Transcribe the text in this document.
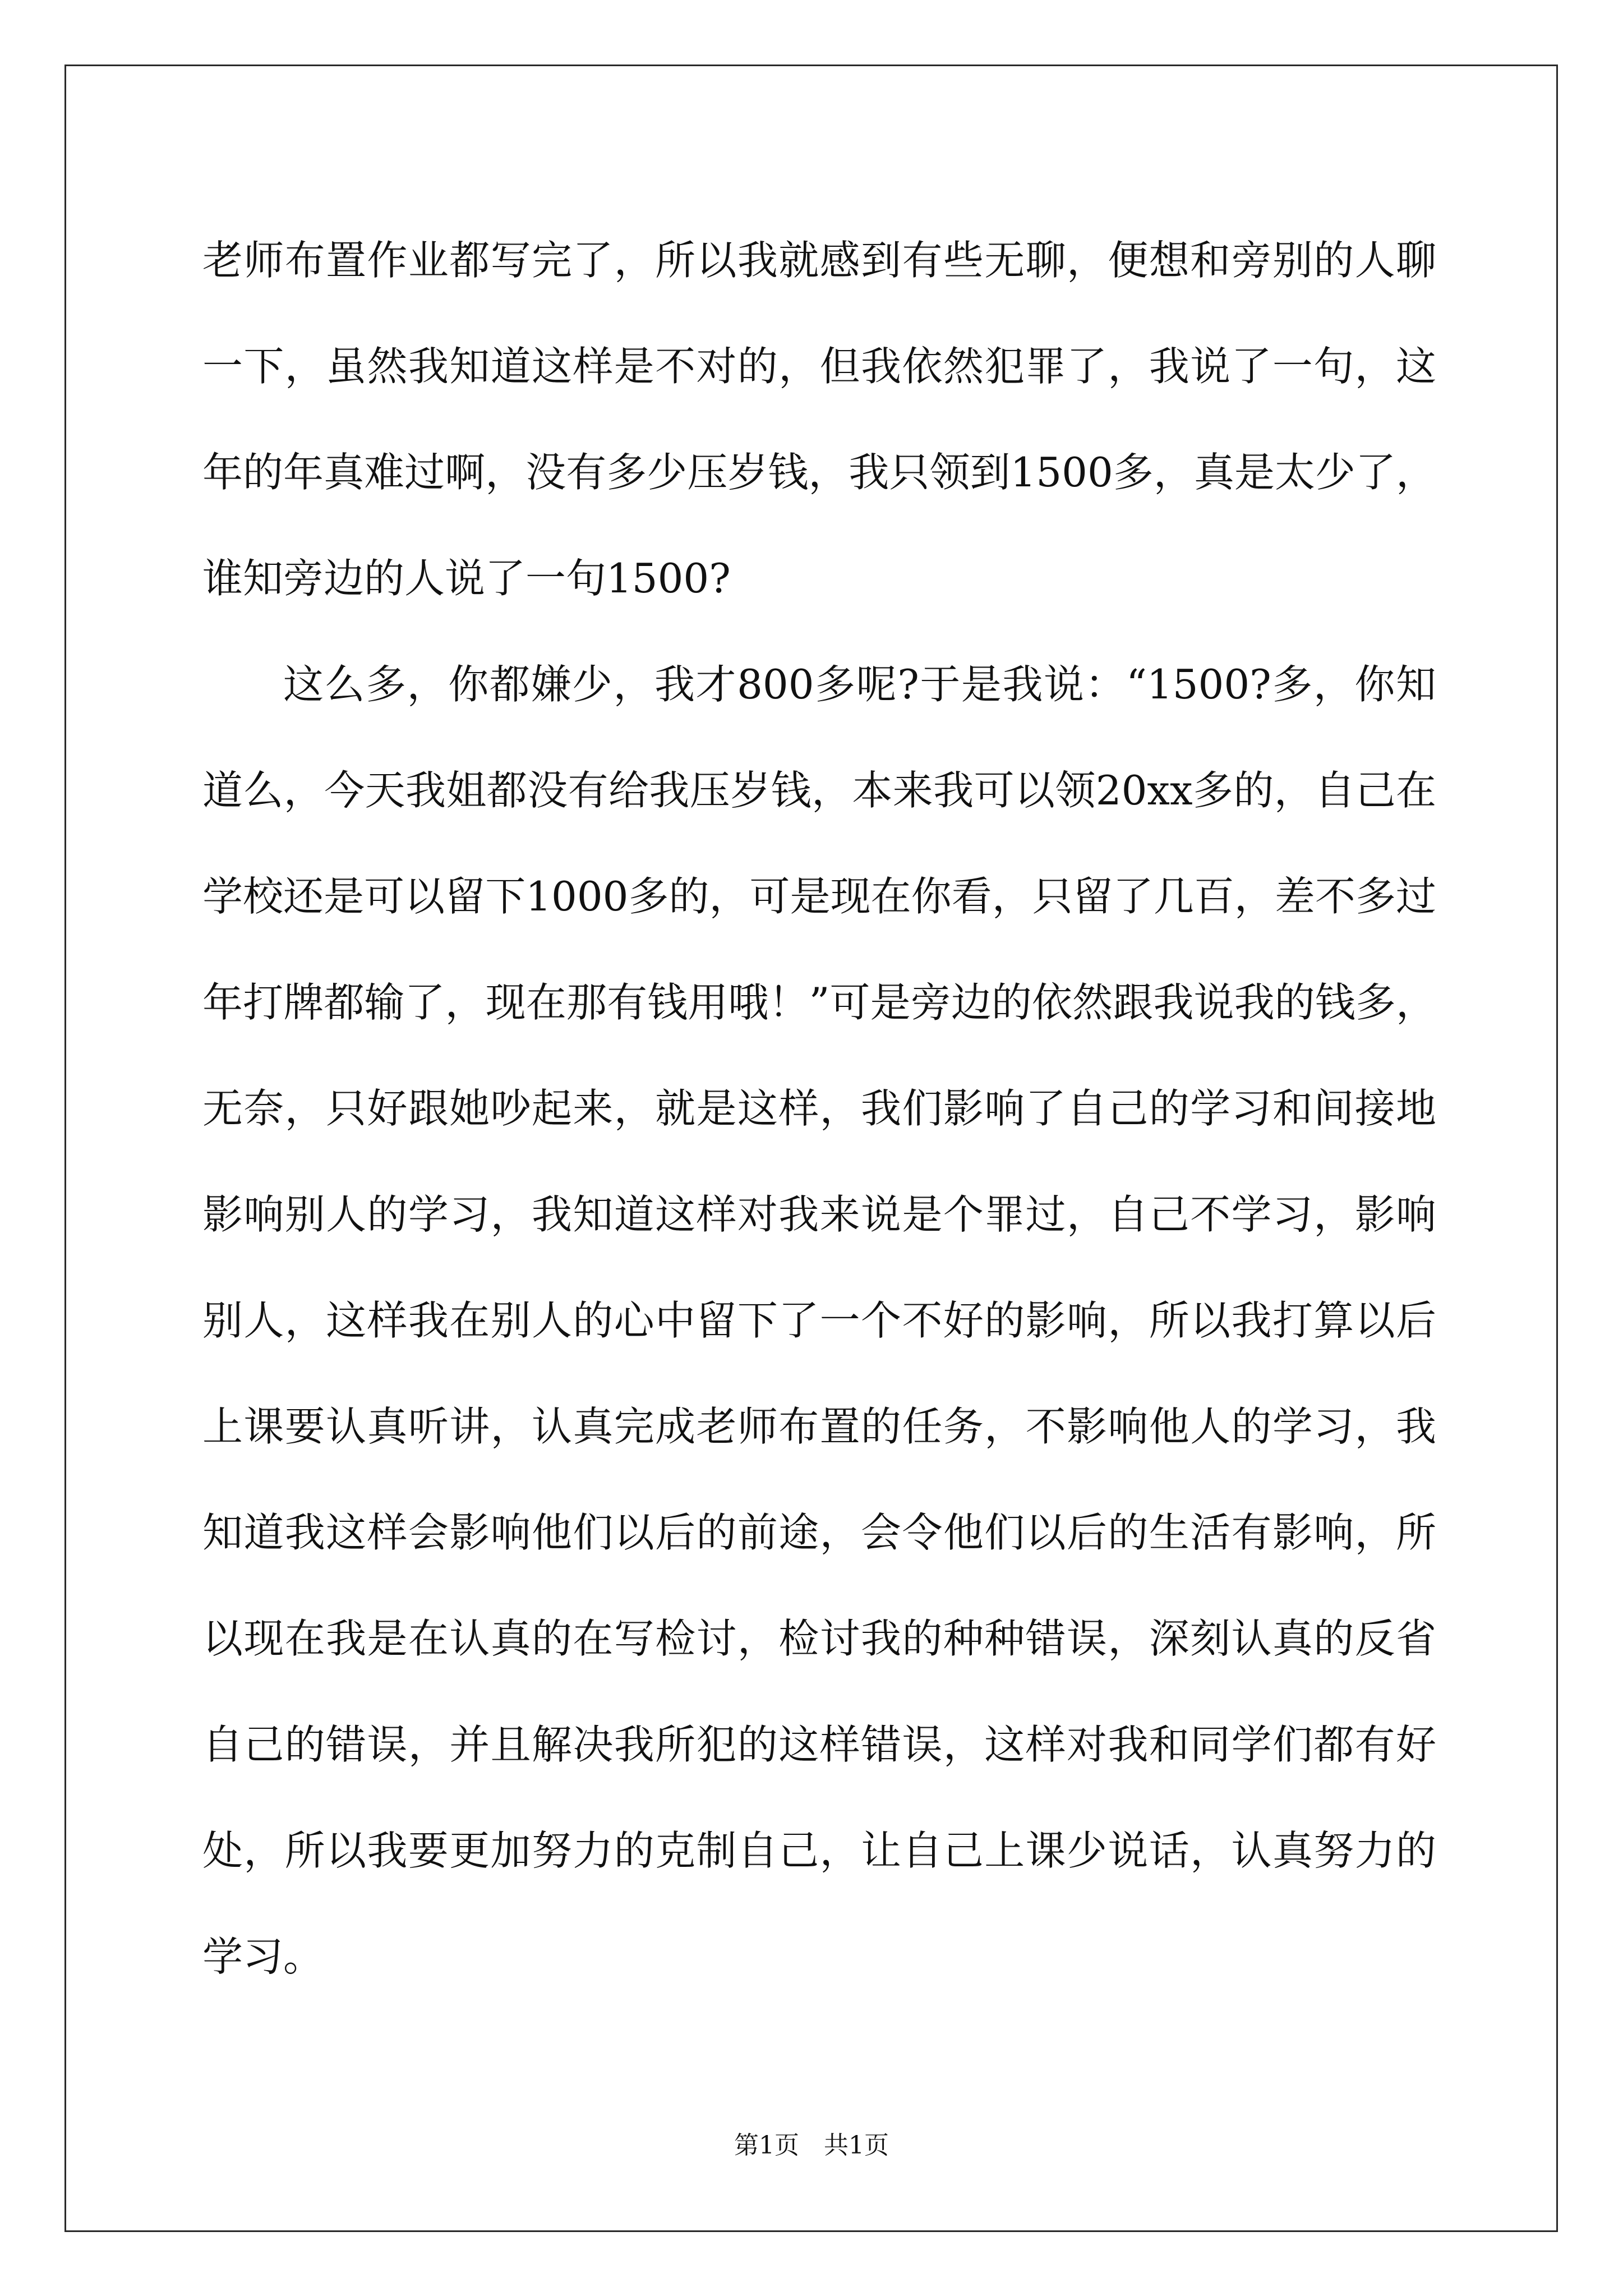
老师布置作业都写完了，所以我就感到有些无聊，便想和旁别的人聊一下，虽然我知道这样是不对的，但我依然犯罪了，我说了一句，这年的年真难过啊，没有多少压岁钱，我只领到1500多，真是太少了，谁知旁边的人说了一句1500?

这么多，你都嫌少，我才800多呢?于是我说：“1500?多，你知道么，今天我姐都没有给我压岁钱，本来我可以领20xx多的，自己在学校还是可以留下1000多的，可是现在你看，只留了几百，差不多过年打牌都输了，现在那有钱用哦！”可是旁边的依然跟我说我的钱多，无奈，只好跟她吵起来，就是这样，我们影响了自己的学习和间接地影响别人的学习，我知道这样对我来说是个罪过，自己不学习，影响别人，这样我在别人的心中留下了一个不好的影响，所以我打算以后上课要认真听讲，认真完成老师布置的任务，不影响他人的学习，我知道我这样会影响他们以后的前途，会令他们以后的生活有影响，所以现在我是在认真的在写检讨，检讨我的种种错误，深刻认真的反省自己的错误，并且解决我所犯的这样错误，这样对我和同学们都有好处，所以我要更加努力的克制自己，让自己上课少说话，认真努力的学习。

第1页 共1页
